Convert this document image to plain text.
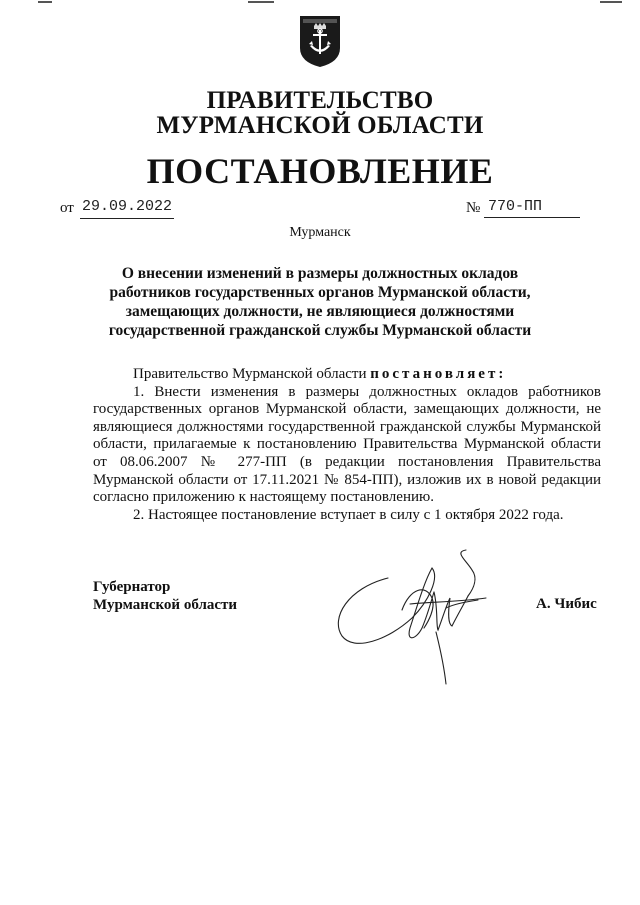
ПРАВИТЕЛЬСТВО
МУРМАНСКОЙ ОБЛАСТИ
ПОСТАНОВЛЕНИЕ
от 29.09.2022	№ 770-ПП
Мурманск
О внесении изменений в размеры должностных окладов работников государственных органов Мурманской области, замещающих должности, не являющиеся должностями государственной гражданской службы Мурманской области

Правительство Мурманской области постановляет:

1. Внести изменения в размеры должностных окладов работников государственных органов Мурманской области, замещающих должности, не являющиеся должностями государственной гражданской службы Мурманской области, прилагаемые к постановлению Правительства Мурманской области от 08.06.2007 № 277-ПП (в редакции постановления Правительства Мурманской области от 17.11.2021 № 854-ПП), изложив их в новой редакции согласно приложению к настоящему постановлению.

2. Настоящее постановление вступает в силу с 1 октября 2022 года.

Губернатор
Мурманской области	А. Чибис
